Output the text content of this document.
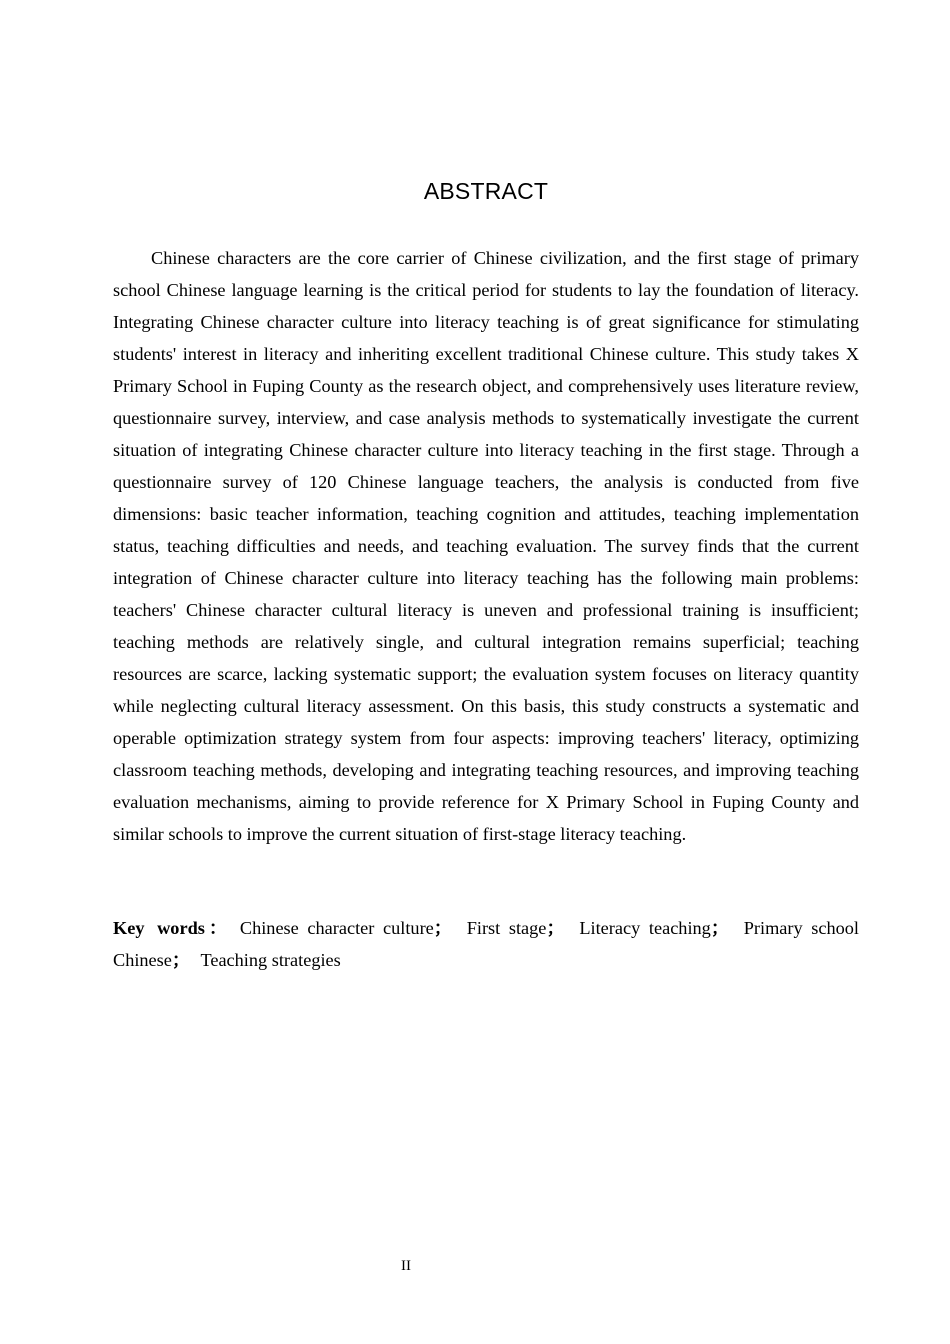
ABSTRACT

Chinese characters are the core carrier of Chinese civilization, and the first stage of primary school Chinese language learning is the critical period for students to lay the foundation of literacy. Integrating Chinese character culture into literacy teaching is of great significance for stimulating students' interest in literacy and inheriting excellent traditional Chinese culture. This study takes X Primary School in Fuping County as the research object, and comprehensively uses literature review, questionnaire survey, interview, and case analysis methods to systematically investigate the current situation of integrating Chinese character culture into literacy teaching in the first stage. Through a questionnaire survey of 120 Chinese language teachers, the analysis is conducted from five dimensions: basic teacher information, teaching cognition and attitudes, teaching implementation status, teaching difficulties and needs, and teaching evaluation. The survey finds that the current integration of Chinese character culture into literacy teaching has the following main problems: teachers' Chinese character cultural literacy is uneven and professional training is insufficient; teaching methods are relatively single, and cultural integration remains superficial; teaching resources are scarce, lacking systematic support; the evaluation system focuses on literacy quantity while neglecting cultural literacy assessment. On this basis, this study constructs a systematic and operable optimization strategy system from four aspects: improving teachers' literacy, optimizing classroom teaching methods, developing and integrating teaching resources, and improving teaching evaluation mechanisms, aiming to provide reference for X Primary School in Fuping County and similar schools to improve the current situation of first-stage literacy teaching.

Key words： Chinese character culture； First stage； Literacy teaching； Primary school Chinese； Teaching strategies

II
